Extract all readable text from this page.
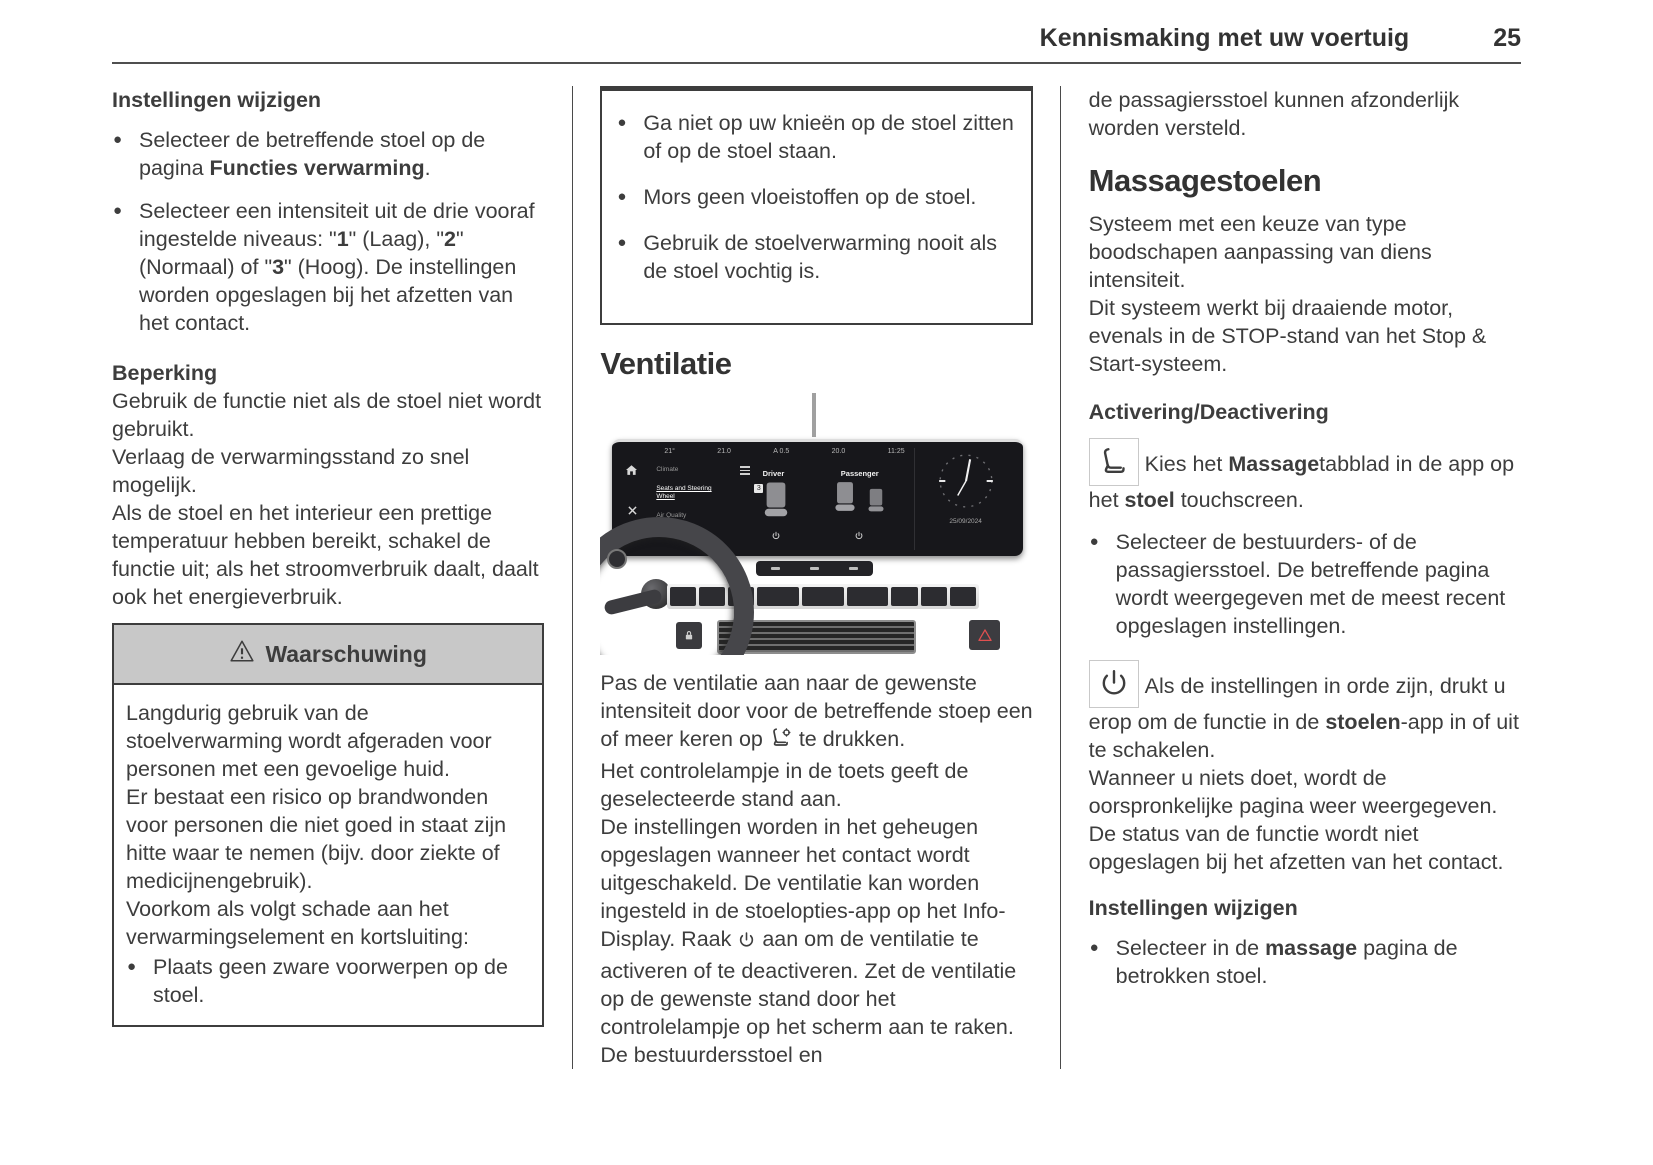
Kennismaking met uw voertuig	25
Instellingen wijzigen
● Selecteer de betreffende stoel op de pagina Functies verwarming.
● Selecteer een intensiteit uit de drie vooraf ingestelde niveaus: "1" (Laag), "2" (Normaal) of "3" (Hoog). De instellingen worden opgeslagen bij het afzetten van het contact.
Beperking

Gebruik de functie niet als de stoel niet wordt gebruikt.

Verlaag de verwarmingsstand zo snel mogelijk.

Als de stoel en het interieur een prettige temperatuur hebben bereikt, schakel de functie uit; als het stroomverbruik daalt, daalt ook het energieverbruik.

Waarschuwing

Langdurig gebruik van de stoelverwarming wordt afgeraden voor personen met een gevoelige huid.

Er bestaat een risico op brandwonden voor personen die niet goed in staat zijn hitte waar te nemen (bijv. door ziekte of medicijnengebruik).

Voorkom als volgt schade aan het verwarmingselement en kortsluiting:

● Plaats geen zware voorwerpen op de stoel.
● Ga niet op uw knieën op de stoel zitten of op de stoel staan.
● Mors geen vloeistoffen op de stoel.
● Gebruik de stoelverwarming nooit als de stoel vochtig is.
Ventilatie
21°	21.0	A 0.5	20.0	11:25
Climate
Seats and Steering Wheel
Air Quality
Driver
3
Passenger
25/09/2024

Pas de ventilatie aan naar de gewenste intensiteit door voor de betreffende stoep een of meer keren op  te drukken.

Het controlelampje in de toets geeft de geselecteerde stand aan.

De instellingen worden in het geheugen opgeslagen wanneer het contact wordt uitgeschakeld. De ventilatie kan worden ingesteld in de stoelopties-app op het Info-Display. Raak  aan om de ventilatie te activeren of te deactiveren. Zet de ventilatie op de gewenste stand door het controlelampje op het scherm aan te raken. De bestuurdersstoel en

de passagiersstoel kunnen afzonderlijk worden versteld.

Massagestoelen

Systeem met een keuze van type boodschapen aanpassing van diens intensiteit.

Dit systeem werkt bij draaiende motor, evenals in de STOP-stand van het Stop & Start-systeem.

Activering/Deactivering

Kies het Massagetabblad in de app op het stoel touchscreen.

● Selecteer de bestuurders- of de passagiersstoel. De betreffende pagina wordt weergegeven met de meest recent opgeslagen instellingen.

Als de instellingen in orde zijn, drukt u erop om de functie in de stoelen-app in of uit te schakelen.

Wanneer u niets doet, wordt de oorspronkelijke pagina weer weergegeven.

De status van de functie wordt niet opgeslagen bij het afzetten van het contact.

Instellingen wijzigen
● Selecteer in de massage pagina de betrokken stoel.
